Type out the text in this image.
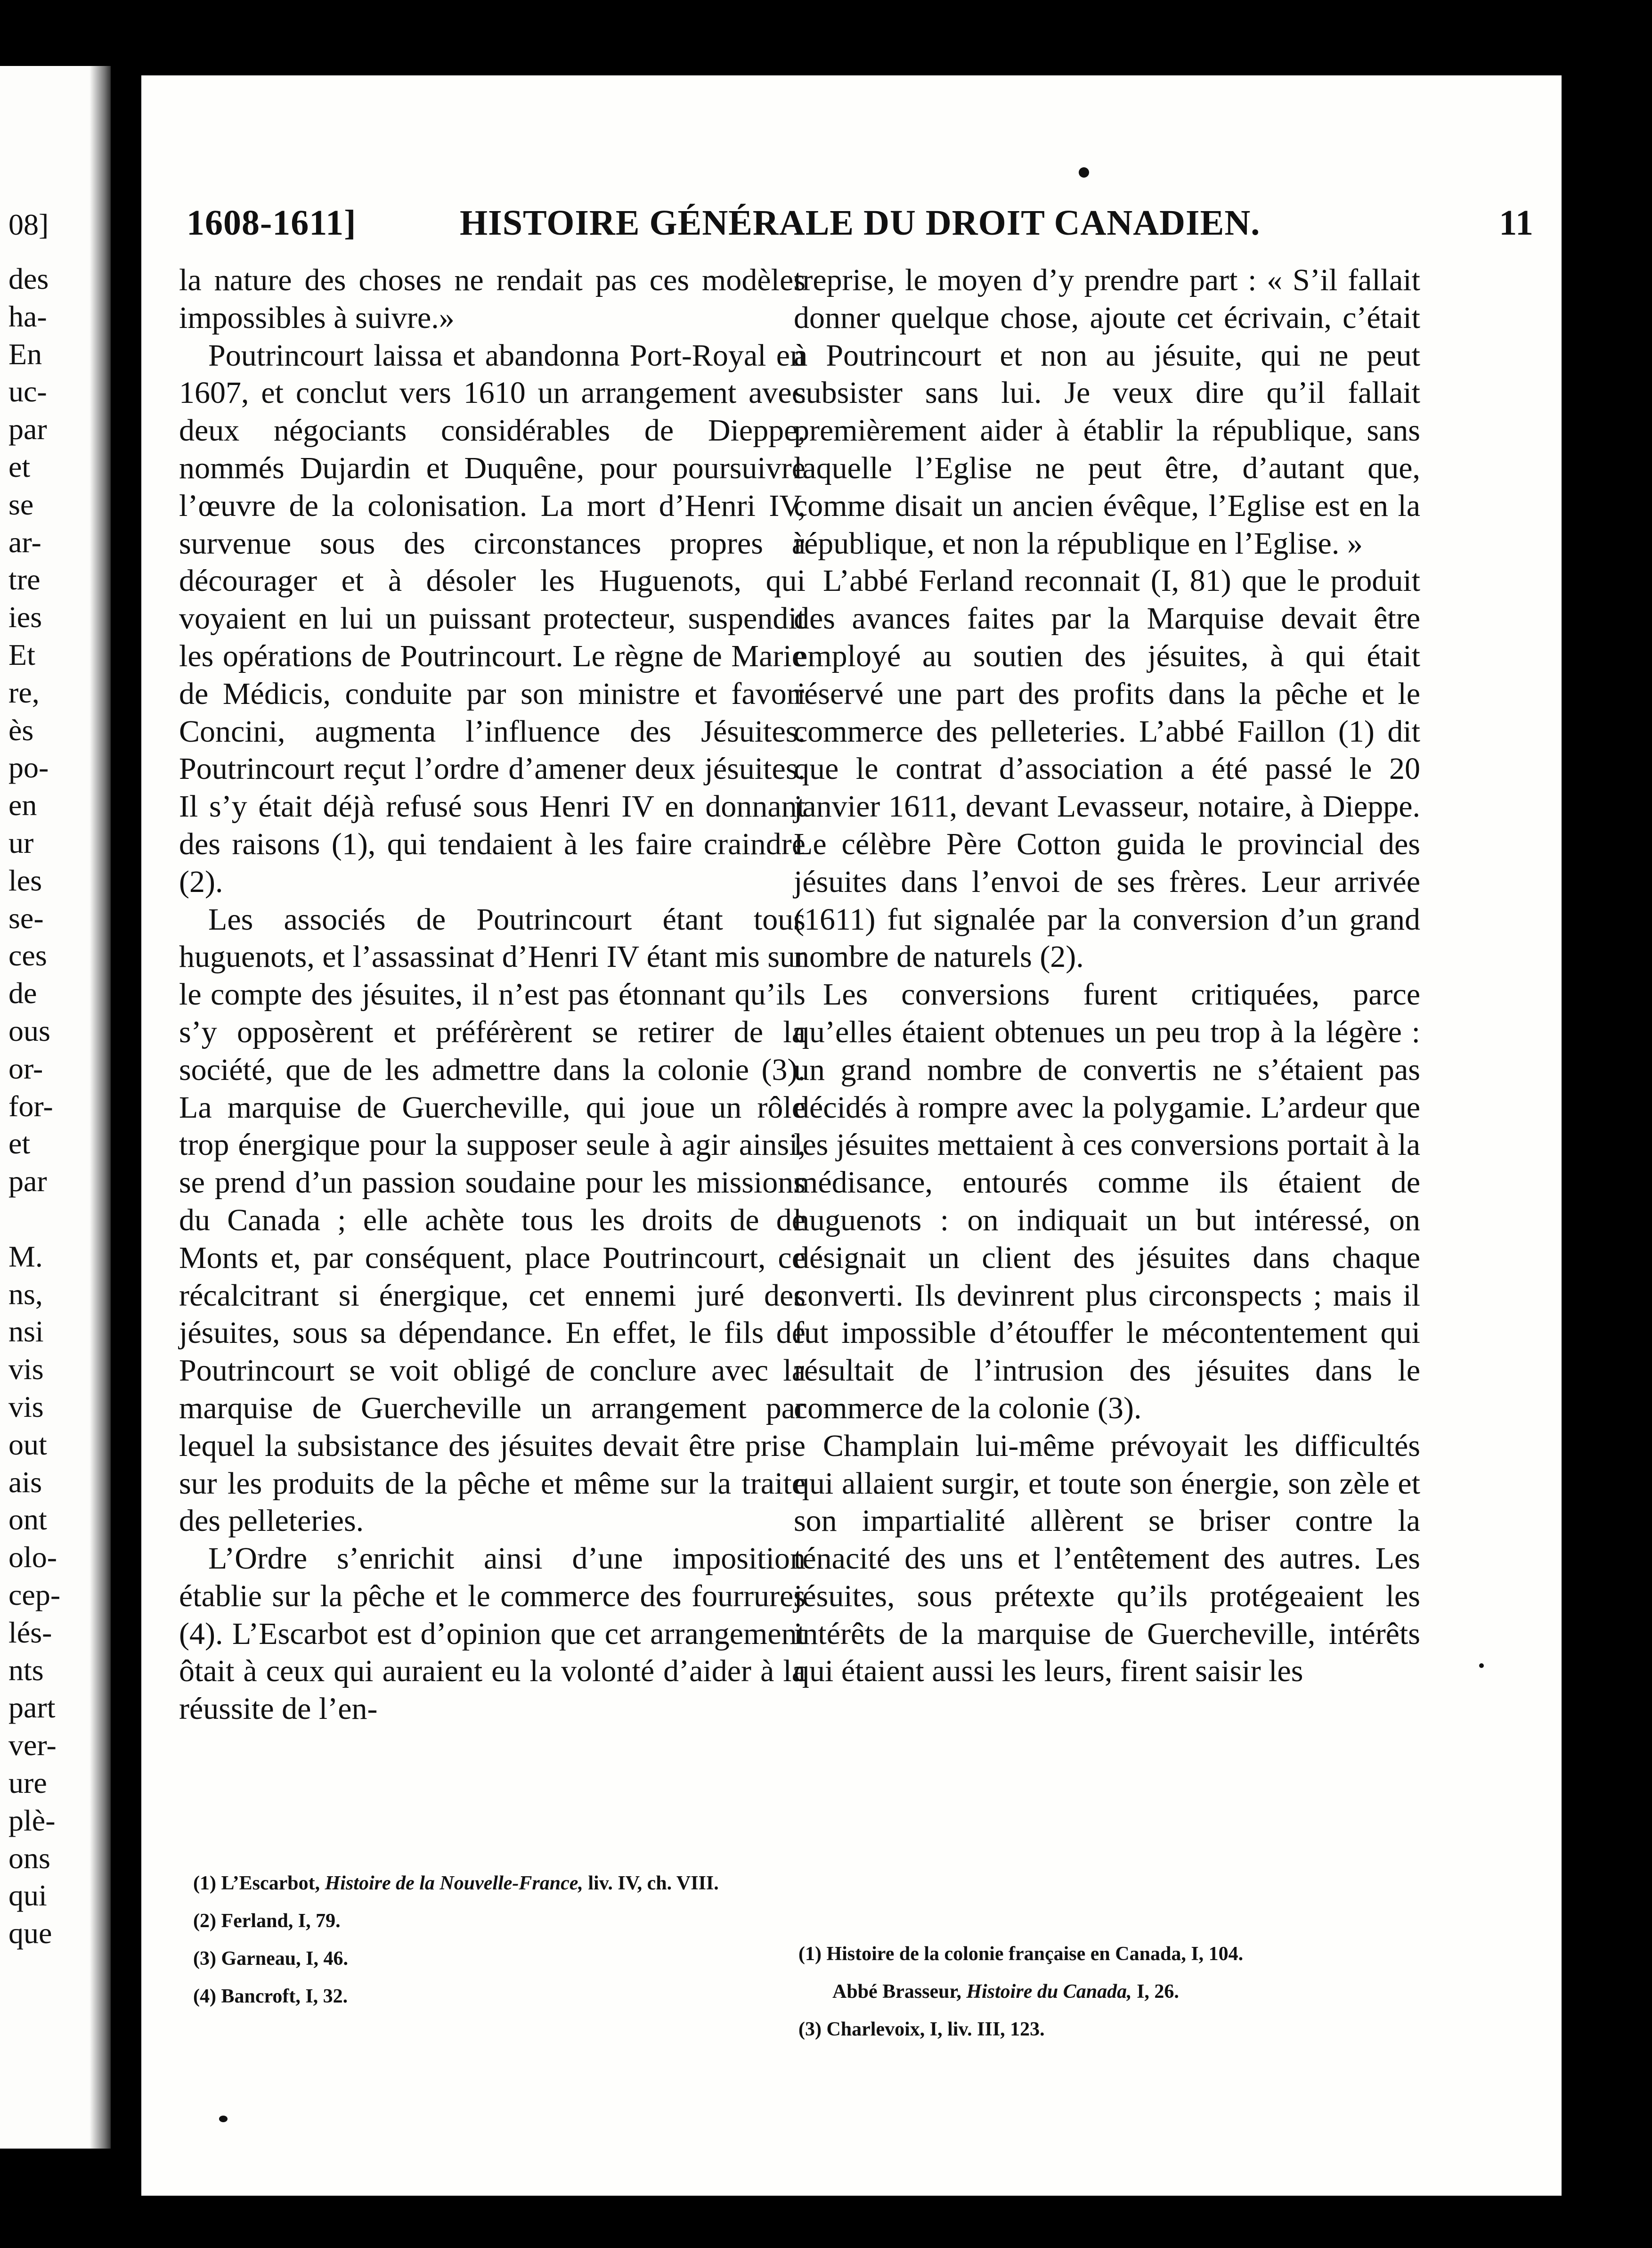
08]
des
ha-
En
uc-
par
et
se
ar-
tre
ies
Et
re,
ès
po-
en
ur
les
se-
ces
de
ous
or-
for-
et
par
M.
ns,
nsi
vis
vis
out
ais
ont
olo-
cep-
lés-
nts
part
ver-
ure
plè-
ons
qui
que
1608-1611]	HISTOIRE GÉNÉRALE DU DROIT CANADIEN.	11

la nature des choses ne rendait pas ces modèles impossibles à suivre.»

Poutrincourt laissa et abandonna Port-Royal en 1607, et conclut vers 1610 un arrangement avec deux négociants considérables de Dieppe, nommés Dujardin et Duquêne, pour poursuivre l’œuvre de la colonisation. La mort d’Henri IV, survenue sous des circonstances propres à décourager et à désoler les Huguenots, qui voyaient en lui un puissant protecteur, suspendit les opérations de Poutrincourt. Le règne de Marie de Médicis, conduite par son ministre et favori Concini, augmenta l’influence des Jésuites. Poutrincourt reçut l’ordre d’amener deux jésuites. Il s’y était déjà refusé sous Henri IV en donnant des raisons (1), qui tendaient à les faire craindre (2).

Les associés de Poutrincourt étant tous huguenots, et l’assassinat d’Henri IV étant mis sur le compte des jésuites, il n’est pas étonnant qu’ils s’y opposèrent et préférèrent se retirer de la société, que de les admettre dans la colonie (3). La marquise de Guercheville, qui joue un rôle trop énergique pour la supposer seule à agir ainsi, se prend d’un passion soudaine pour les missions du Canada ; elle achète tous les droits de de Monts et, par conséquent, place Poutrincourt, ce récalcitrant si énergique, cet ennemi juré des jésuites, sous sa dépendance. En effet, le fils de Poutrincourt se voit obligé de conclure avec la marquise de Guercheville un arrangement par lequel la subsistance des jésuites devait être prise sur les produits de la pêche et même sur la traite des pelleteries.

L’Ordre s’enrichit ainsi d’une imposition établie sur la pêche et le commerce des fourrures (4). L’Escarbot est d’opinion que cet arrangement ôtait à ceux qui auraient eu la volonté d’aider à la réussite de l’en-

treprise, le moyen d’y prendre part : « S’il fallait donner quelque chose, ajoute cet écrivain, c’était à Poutrincourt et non au jésuite, qui ne peut subsister sans lui. Je veux dire qu’il fallait premièrement aider à établir la république, sans laquelle l’Eglise ne peut être, d’autant que, comme disait un ancien évêque, l’Eglise est en la république, et non la république en l’Eglise. »

L’abbé Ferland reconnait (I, 81) que le produit des avances faites par la Marquise devait être employé au soutien des jésuites, à qui était réservé une part des profits dans la pêche et le commerce des pelleteries. L’abbé Faillon (1) dit que le contrat d’association a été passé le 20 janvier 1611, devant Levasseur, notaire, à Dieppe. Le célèbre Père Cotton guida le provincial des jésuites dans l’envoi de ses frères. Leur arrivée (1611) fut signalée par la conversion d’un grand nombre de naturels (2).

Les conversions furent critiquées, parce qu’elles étaient obtenues un peu trop à la légère : un grand nombre de convertis ne s’étaient pas décidés à rompre avec la polygamie. L’ardeur que les jésuites mettaient à ces conversions portait à la médisance, entourés comme ils étaient de huguenots : on indiquait un but intéressé, on désignait un client des jésuites dans chaque converti. Ils devinrent plus circonspects ; mais il fut impossible d’étouffer le mécontentement qui résultait de l’intrusion des jésuites dans le commerce de la colonie (3).

Champlain lui-même prévoyait les difficultés qui allaient surgir, et toute son énergie, son zèle et son impartialité allèrent se briser contre la ténacité des uns et l’entêtement des autres. Les jésuites, sous prétexte qu’ils protégeaient les intérêts de la marquise de Guercheville, intérêts qui étaient aussi les leurs, firent saisir les

(1) L’Escarbot, Histoire de la Nouvelle-France, liv. IV, ch. VIII.

(2) Ferland, I, 79.

(3) Garneau, I, 46.

(4) Bancroft, I, 32.

(1) Histoire de la colonie française en Canada, I, 104.

Abbé Brasseur, Histoire du Canada, I, 26.

(3) Charlevoix, I, liv. III, 123.
